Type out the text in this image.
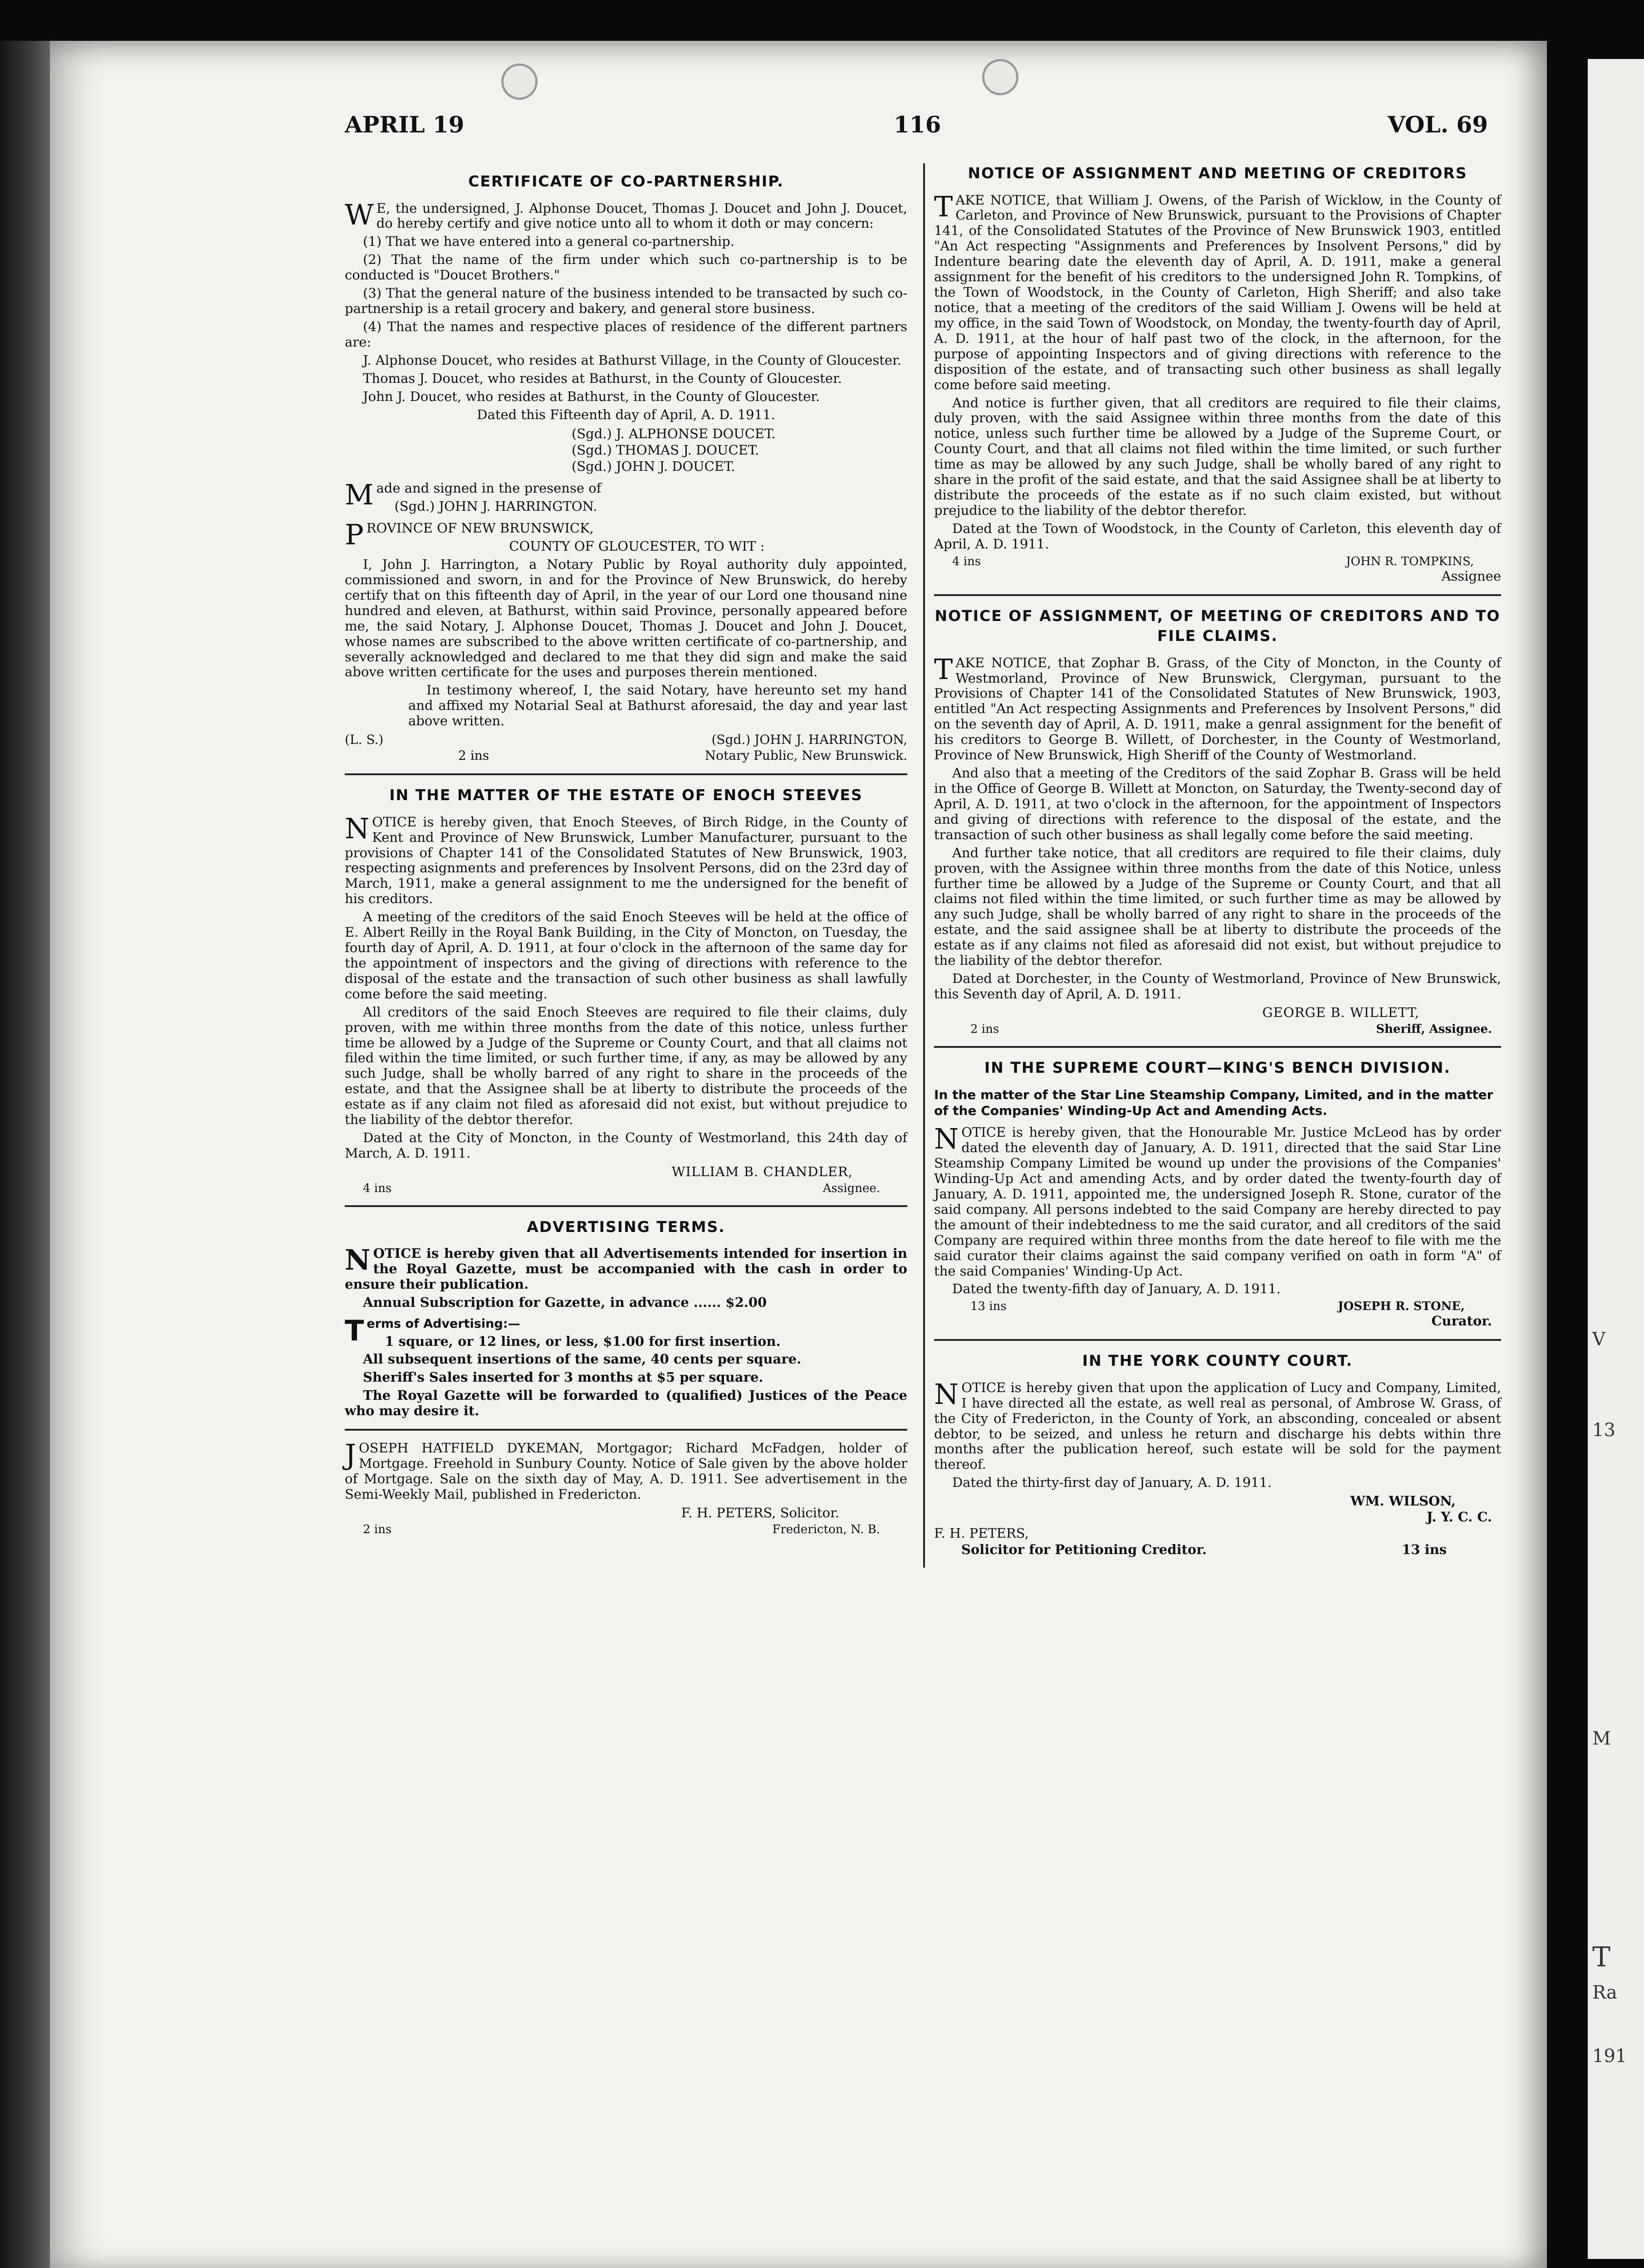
V
13
M
T
Ra
191
APRIL 19	116	VOL. 69
CERTIFICATE OF CO-PARTNERSHIP.

WE, the undersigned, J. Alphonse Doucet, Thomas J. Doucet and John J. Doucet, do hereby certify and give notice unto all to whom it doth or may concern:

(1) That we have entered into a general co-partnership.

(2) That the name of the firm under which such co-partnership is to be conducted is "Doucet Brothers."

(3) That the general nature of the business intended to be transacted by such co-partnership is a retail grocery and bakery, and general store business.

(4) That the names and respective places of residence of the different partners are:

J. Alphonse Doucet, who resides at Bathurst Village, in the County of Gloucester.

Thomas J. Doucet, who resides at Bathurst, in the County of Gloucester.

John J. Doucet, who resides at Bathurst, in the County of Gloucester.

Dated this Fifteenth day of April, A. D. 1911.

(Sgd.) J. ALPHONSE DOUCET.
(Sgd.) THOMAS J. DOUCET.
(Sgd.) JOHN J. DOUCET.

Made and signed in the presense of

(Sgd.) JOHN J. HARRINGTON.

PROVINCE OF NEW BRUNSWICK,

COUNTY OF GLOUCESTER, TO WIT :

I, John J. Harrington, a Notary Public by Royal authority duly appointed, commissioned and sworn, in and for the Province of New Brunswick, do hereby certify that on this fifteenth day of April, in the year of our Lord one thousand nine hundred and eleven, at Bathurst, within said Province, personally appeared before me, the said Notary, J. Alphonse Doucet, Thomas J. Doucet and John J. Doucet, whose names are subscribed to the above written certificate of co-partnership, and severally acknowledged and declared to me that they did sign and make the said above written certificate for the uses and purposes therein mentioned.

In testimony whereof, I, the said Notary, have hereunto set my hand and affixed my Notarial Seal at Bathurst aforesaid, the day and year last above written.

(L. S.)	(Sgd.) JOHN J. HARRINGTON,
2 ins	Notary Public, New Brunswick.
IN THE MATTER OF THE ESTATE OF ENOCH STEEVES

NOTICE is hereby given, that Enoch Steeves, of Birch Ridge, in the County of Kent and Province of New Brunswick, Lumber Manufacturer, pursuant to the provisions of Chapter 141 of the Consolidated Statutes of New Brunswick, 1903, respecting asignments and preferences by Insolvent Persons, did on the 23rd day of March, 1911, make a general assignment to me the undersigned for the benefit of his creditors.

A meeting of the creditors of the said Enoch Steeves will be held at the office of E. Albert Reilly in the Royal Bank Building, in the City of Moncton, on Tuesday, the fourth day of April, A. D. 1911, at four o'clock in the afternoon of the same day for the appointment of inspectors and the giving of directions with reference to the disposal of the estate and the transaction of such other business as shall lawfully come before the said meeting.

All creditors of the said Enoch Steeves are required to file their claims, duly proven, with me within three months from the date of this notice, unless further time be allowed by a Judge of the Supreme or County Court, and that all claims not filed within the time limited, or such further time, if any, as may be allowed by any such Judge, shall be wholly barred of any right to share in the proceeds of the estate, and that the Assignee shall be at liberty to distribute the proceeds of the estate as if any claim not filed as aforesaid did not exist, but without prejudice to the liability of the debtor therefor.

Dated at the City of Moncton, in the County of Westmorland, this 24th day of March, A. D. 1911.

WILLIAM B. CHANDLER,
4 ins	Assignee.
ADVERTISING TERMS.

NOTICE is hereby given that all Advertisements intended for insertion in the Royal Gazette, must be accompanied with the cash in order to ensure their publication.

Annual Subscription for Gazette, in advance ...... $2.00

Terms of Advertising:—

1 square, or 12 lines, or less, $1.00 for first insertion.

All subsequent insertions of the same, 40 cents per square.

Sheriff's Sales inserted for 3 months at $5 per square.

The Royal Gazette will be forwarded to (qualified) Justices of the Peace who may desire it.

JOSEPH HATFIELD DYKEMAN, Mortgagor; Richard McFadgen, holder of Mortgage. Freehold in Sunbury County. Notice of Sale given by the above holder of Mortgage. Sale on the sixth day of May, A. D. 1911. See advertisement in the Semi-Weekly Mail, published in Fredericton.

F. H. PETERS, Solicitor.
2 ins	Fredericton, N. B.
NOTICE OF ASSIGNMENT AND MEETING OF CREDITORS

TAKE NOTICE, that William J. Owens, of the Parish of Wicklow, in the County of Carleton, and Province of New Brunswick, pursuant to the Provisions of Chapter 141, of the Consolidated Statutes of the Province of New Brunswick 1903, entitled "An Act respecting "Assignments and Preferences by Insolvent Persons," did by Indenture bearing date the eleventh day of April, A. D. 1911, make a general assignment for the benefit of his creditors to the undersigned John R. Tompkins, of the Town of Woodstock, in the County of Carleton, High Sheriff; and also take notice, that a meeting of the creditors of the said William J. Owens will be held at my office, in the said Town of Woodstock, on Monday, the twenty-fourth day of April, A. D. 1911, at the hour of half past two of the clock, in the afternoon, for the purpose of appointing Inspectors and of giving directions with reference to the disposition of the estate, and of transacting such other business as shall legally come before said meeting.

And notice is further given, that all creditors are required to file their claims, duly proven, with the said Assignee within three months from the date of this notice, unless such further time be allowed by a Judge of the Supreme Court, or County Court, and that all claims not filed within the time limited, or such further time as may be allowed by any such Judge, shall be wholly bared of any right to share in the profit of the said estate, and that the said Assignee shall be at liberty to distribute the proceeds of the estate as if no such claim existed, but without prejudice to the liability of the debtor therefor.

Dated at the Town of Woodstock, in the County of Carleton, this eleventh day of April, A. D. 1911.

4 ins	JOHN R. TOMPKINS,
Assignee
NOTICE OF ASSIGNMENT, OF MEETING OF CREDITORS AND TO FILE CLAIMS.

TAKE NOTICE, that Zophar B. Grass, of the City of Moncton, in the County of Westmorland, Province of New Brunswick, Clergyman, pursuant to the Provisions of Chapter 141 of the Consolidated Statutes of New Brunswick, 1903, entitled "An Act respecting Assignments and Preferences by Insolvent Persons," did on the seventh day of April, A. D. 1911, make a genral assignment for the benefit of his creditors to George B. Willett, of Dorchester, in the County of Westmorland, Province of New Brunswick, High Sheriff of the County of Westmorland.

And also that a meeting of the Creditors of the said Zophar B. Grass will be held in the Office of George B. Willett at Moncton, on Saturday, the Twenty-second day of April, A. D. 1911, at two o'clock in the afternoon, for the appointment of Inspectors and giving of directions with reference to the disposal of the estate, and the transaction of such other business as shall legally come before the said meeting.

And further take notice, that all creditors are required to file their claims, duly proven, with the Assignee within three months from the date of this Notice, unless further time be allowed by a Judge of the Supreme or County Court, and that all claims not filed within the time limited, or such further time as may be allowed by any such Judge, shall be wholly barred of any right to share in the proceeds of the estate, and the said assignee shall be at liberty to distribute the proceeds of the estate as if any claims not filed as aforesaid did not exist, but without prejudice to the liability of the debtor therefor.

Dated at Dorchester, in the County of Westmorland, Province of New Brunswick, this Seventh day of April, A. D. 1911.

GEORGE B. WILLETT,
2 ins	Sheriff, Assignee.
IN THE SUPREME COURT—KING'S BENCH DIVISION.
In the matter of the Star Line Steamship Company, Limited, and in the matter of the Companies' Winding-Up Act and Amending Acts.

NOTICE is hereby given, that the Honourable Mr. Justice McLeod has by order dated the eleventh day of January, A. D. 1911, directed that the said Star Line Steamship Company Limited be wound up under the provisions of the Companies' Winding-Up Act and amending Acts, and by order dated the twenty-fourth day of January, A. D. 1911, appointed me, the undersigned Joseph R. Stone, curator of the said company. All persons indebted to the said Company are hereby directed to pay the amount of their indebtedness to me the said curator, and all creditors of the said Company are required within three months from the date hereof to file with me the said curator their claims against the said company verified on oath in form "A" of the said Companies' Winding-Up Act.

Dated the twenty-fifth day of January, A. D. 1911.

13 ins	JOSEPH R. STONE,
Curator.
IN THE YORK COUNTY COURT.

NOTICE is hereby given that upon the application of Lucy and Company, Limited, I have directed all the estate, as well real as personal, of Ambrose W. Grass, of the City of Fredericton, in the County of York, an absconding, concealed or absent debtor, to be seized, and unless he return and discharge his debts within thre months after the publication hereof, such estate will be sold for the payment thereof.

Dated the thirty-first day of January, A. D. 1911.

WM. WILSON,
J. Y. C. C.
F. H. PETERS,
Solicitor for Petitioning Creditor.	13 ins
